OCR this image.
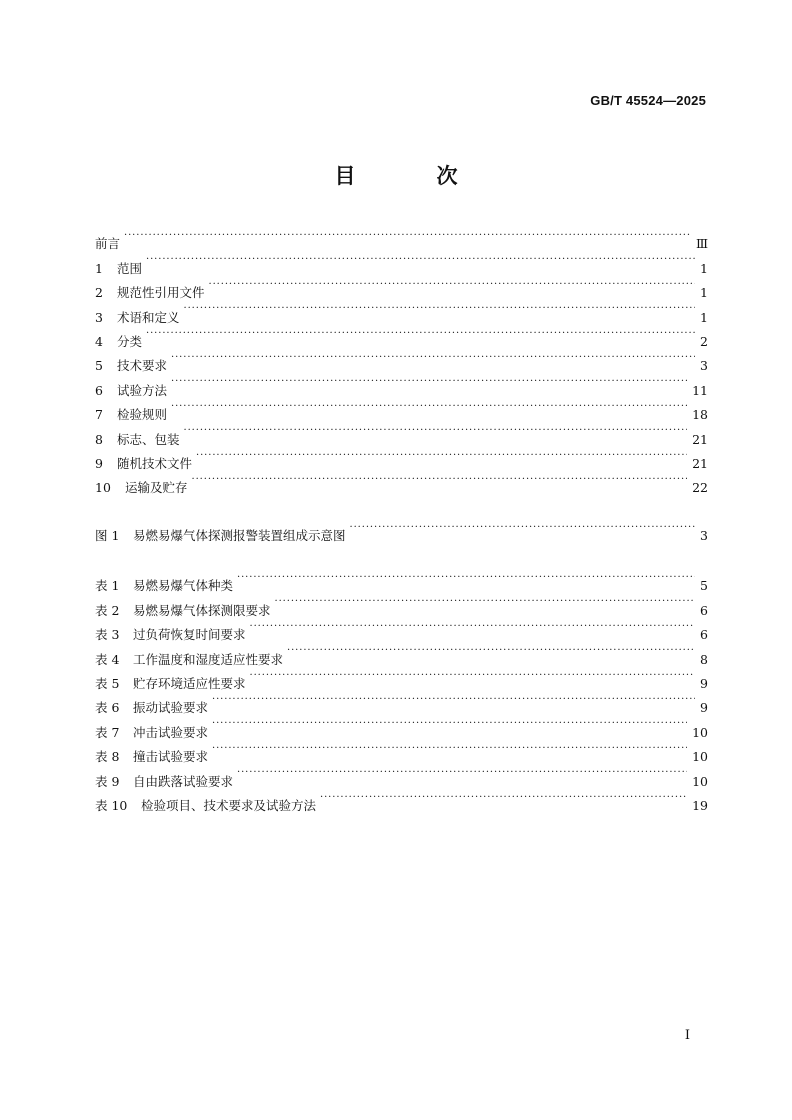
GB/T 45524—2025
目　次
前言 ·····	Ⅲ
1	范围 ·····	1
2	规范性引用文件 ·····	1
3	术语和定义 ·····	1
4	分类 ·····	2
5	技术要求 ·····	3
6	试验方法 ·····	11
7	检验规则 ·····	18
8	标志、包装 ·····	21
9	随机技术文件 ·····	21
10	运输及贮存 ·····	22
图 1	易燃易爆气体探测报警装置组成示意图 ·····	3
表 1	易燃易爆气体种类 ·····	5
表 2	易燃易爆气体探测限要求 ·····	6
表 3	过负荷恢复时间要求 ·····	6
表 4	工作温度和湿度适应性要求 ·····	8
表 5	贮存环境适应性要求 ·····	9
表 6	振动试验要求 ·····	9
表 7	冲击试验要求 ·····	10
表 8	撞击试验要求 ·····	10
表 9	自由跌落试验要求 ·····	10
表 10	检验项目、技术要求及试验方法 ·····	19
I
